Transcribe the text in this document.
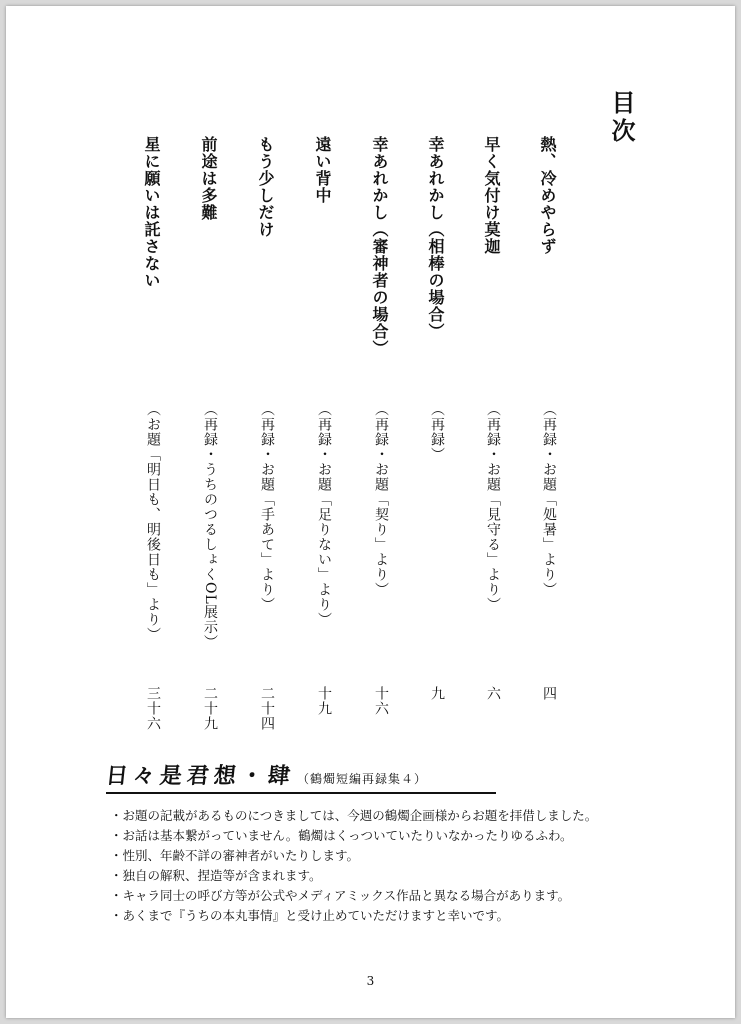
目次
熱、冷めやらず
（再録・お題「処暑」より）
四
早く気付け莫迦
（再録・お題「見守る」より）
六
幸あれかし（相棒の場合）
（再録）
九
幸あれかし（審神者の場合）
（再録・お題「契り」より）
十六
遠い背中
（再録・お題「足りない」より）
十九
もう少しだけ
（再録・お題「手あて」より）
二十四
前途は多難
（再録・うちのつるしょくOL展示）
二十九
星に願いは託さない
（お題「明日も、明後日も」より）
三十六
日々是君想・肆（鶴燭短編再録集４）
・ お題の記載があるものにつきましては、今週の鶴燭企画様からお題を拝借しました。
・ お話は基本繋がっていません。鶴燭はくっついていたりいなかったりゆるふわ。
・ 性別、年齢不詳の審神者がいたりします。
・ 独自の解釈、捏造等が含まれます。
・ キャラ同士の呼び方等が公式やメディアミックス作品と異なる場合があります。
・ あくまで『うちの本丸事情』と受け止めていただけますと幸いです。
3
